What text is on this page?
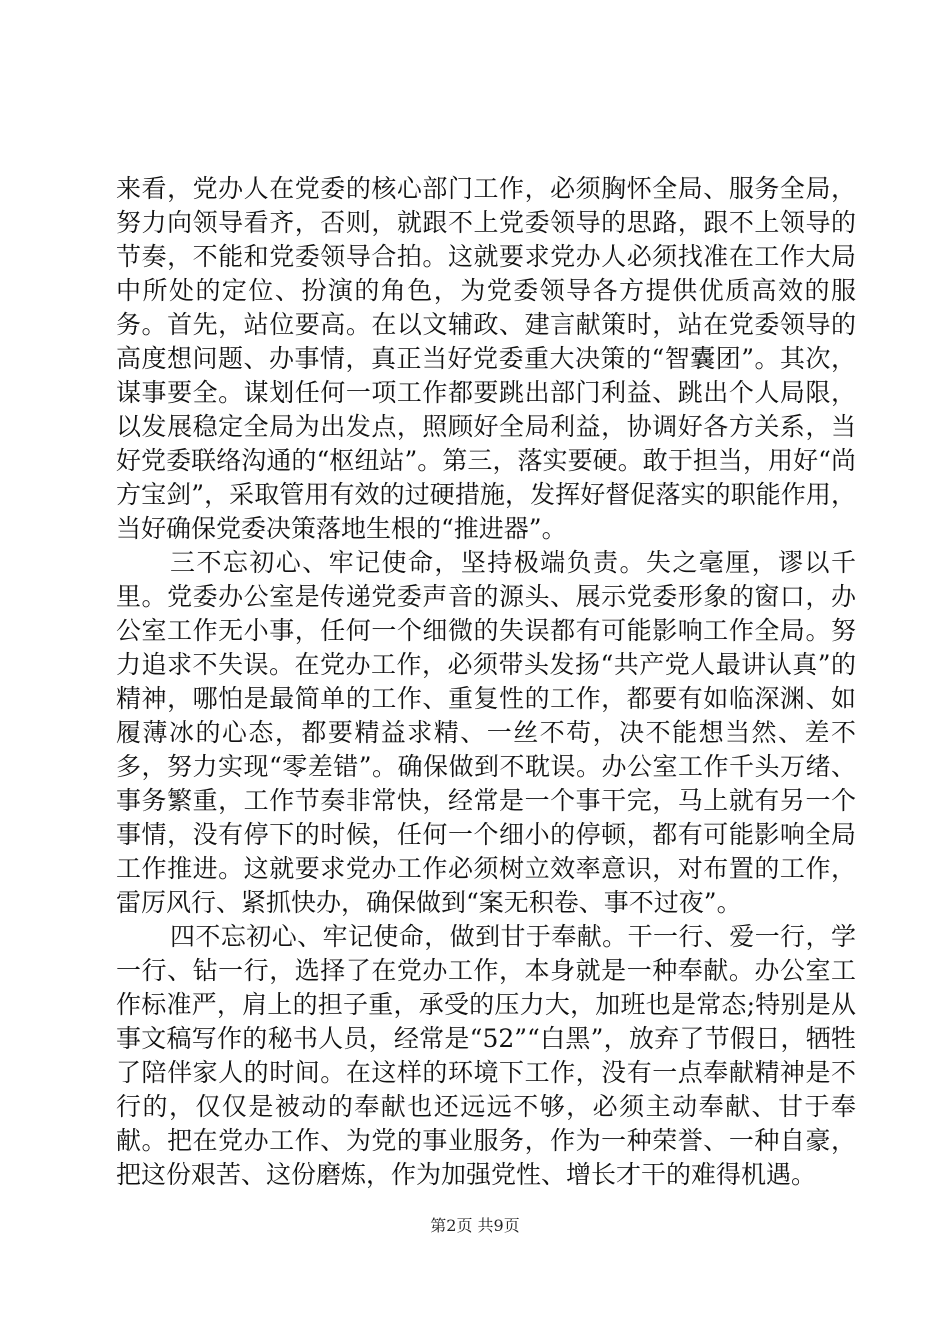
来看，党办人在党委的核心部门工作，必须胸怀全局、服务全局，努力向领导看齐，否则，就跟不上党委领导的思路，跟不上领导的节奏，不能和党委领导合拍。这就要求党办人必须找准在工作大局中所处的定位、扮演的角色，为党委领导各方提供优质高效的服务。首先，站位要高。在以文辅政、建言献策时，站在党委领导的高度想问题、办事情，真正当好党委重大决策的“智囊团”。其次，谋事要全。谋划任何一项工作都要跳出部门利益、跳出个人局限，以发展稳定全局为出发点，照顾好全局利益，协调好各方关系，当好党委联络沟通的“枢纽站”。第三，落实要硬。敢于担当，用好“尚方宝剑”，采取管用有效的过硬措施，发挥好督促落实的职能作用，当好确保党委决策落地生根的“推进器”。

三不忘初心、牢记使命，坚持极端负责。失之毫厘，谬以千里。党委办公室是传递党委声音的源头、展示党委形象的窗口，办公室工作无小事，任何一个细微的失误都有可能影响工作全局。努力追求不失误。在党办工作，必须带头发扬“共产党人最讲认真”的精神，哪怕是最简单的工作、重复性的工作，都要有如临深渊、如履薄冰的心态，都要精益求精、一丝不苟，决不能想当然、差不多，努力实现“零差错”。确保做到不耽误。办公室工作千头万绪、事务繁重，工作节奏非常快，经常是一个事干完，马上就有另一个事情，没有停下的时候，任何一个细小的停顿，都有可能影响全局工作推进。这就要求党办工作必须树立效率意识，对布置的工作，雷厉风行、紧抓快办，确保做到“案无积卷、事不过夜”。

四不忘初心、牢记使命，做到甘于奉献。干一行、爱一行，学一行、钻一行，选择了在党办工作，本身就是一种奉献。办公室工作标准严，肩上的担子重，承受的压力大，加班也是常态;特别是从事文稿写作的秘书人员，经常是“52”“白黑”，放弃了节假日，牺牲了陪伴家人的时间。在这样的环境下工作，没有一点奉献精神是不行的，仅仅是被动的奉献也还远远不够，必须主动奉献、甘于奉献。把在党办工作、为党的事业服务，作为一种荣誉、一种自豪，把这份艰苦、这份磨炼，作为加强党性、增长才干的难得机遇。

第2页 共9页
